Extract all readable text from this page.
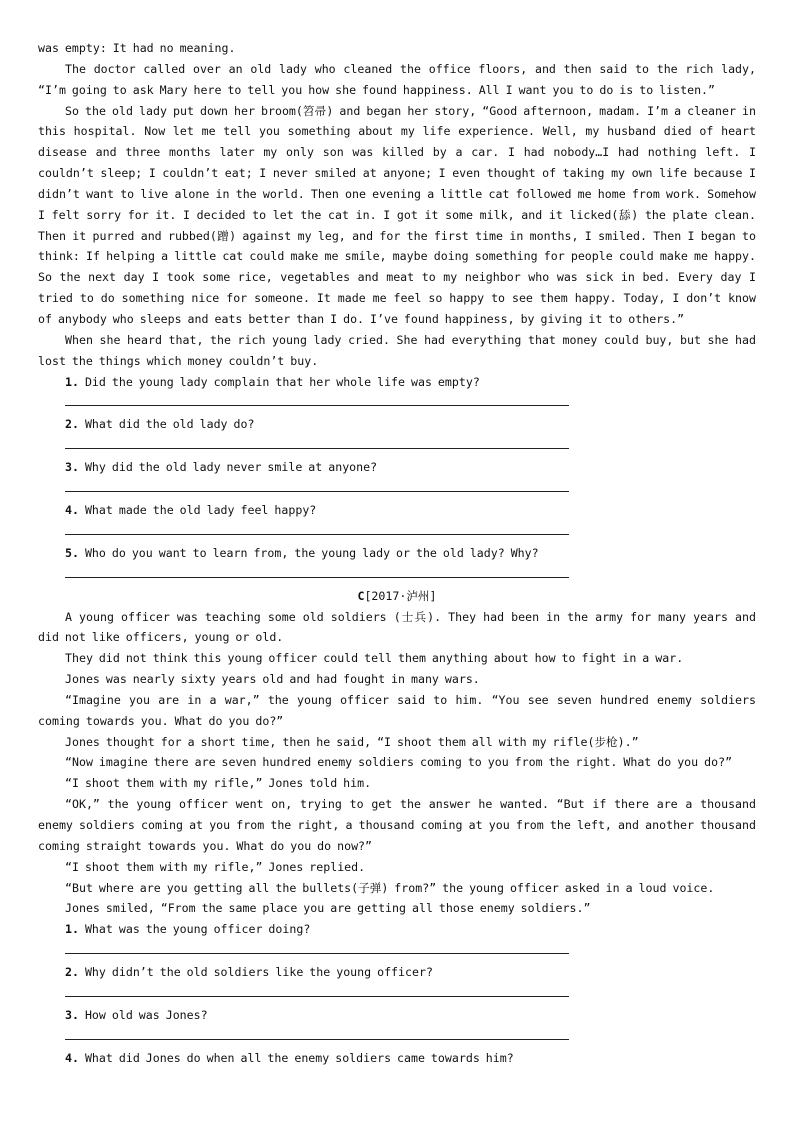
was empty: It had no meaning.

The doctor called over an old lady who cleaned the office floors, and then said to the rich lady, “I’m going to ask Mary here to tell you how she found happiness. All I want you to do is to listen.”

So the old lady put down her broom(笤帚) and began her story, “Good afternoon, madam. I’m a cleaner in this hospital. Now let me tell you something about my life experience. Well, my husband died of heart disease and three months later my only son was killed by a car. I had nobody…I had nothing left. I couldn’t sleep; I couldn’t eat; I never smiled at anyone; I even thought of taking my own life because I didn’t want to live alone in the world. Then one evening a little cat followed me home from work. Somehow I felt sorry for it. I decided to let the cat in. I got it some milk, and it licked(舔) the plate clean. Then it purred and rubbed(蹭) against my leg, and for the first time in months, I smiled. Then I began to think: If helping a little cat could make me smile, maybe doing something for people could make me happy. So the next day I took some rice, vegetables and meat to my neighbor who was sick in bed. Every day I tried to do something nice for someone. It made me feel so happy to see them happy. Today, I don’t know of anybody who sleeps and eats better than I do. I’ve found happiness, by giving it to others.”

When she heard that, the rich young lady cried. She had everything that money could buy, but she had lost the things which money couldn’t buy.

1. Did the young lady complain that her whole life was empty?

2. What did the old lady do?

3. Why did the old lady never smile at anyone?

4. What made the old lady feel happy?

5. Who do you want to learn from, the young lady or the old lady? Why?

C[2017·泸州]

A young officer was teaching some old soldiers (士兵). They had been in the army for many years and did not like officers, young or old.

They did not think this young officer could tell them anything about how to fight in a war.

Jones was nearly sixty years old and had fought in many wars.

“Imagine you are in a war,” the young officer said to him. “You see seven hundred enemy soldiers coming towards you. What do you do?”

Jones thought for a short time, then he said, “I shoot them all with my rifle(步枪).”

“Now imagine there are seven hundred enemy soldiers coming to you from the right. What do you do?”

“I shoot them with my rifle,” Jones told him.

“OK,” the young officer went on, trying to get the answer he wanted. “But if there are a thousand enemy soldiers coming at you from the right, a thousand coming at you from the left, and another thousand coming straight towards you. What do you do now?”

“I shoot them with my rifle,” Jones replied.

“But where are you getting all the bullets(子弹) from?” the young officer asked in a loud voice.

Jones smiled, “From the same place you are getting all those enemy soldiers.”

1. What was the young officer doing?

2. Why didn’t the old soldiers like the young officer?

3. How old was Jones?

4. What did Jones do when all the enemy soldiers came towards him?
